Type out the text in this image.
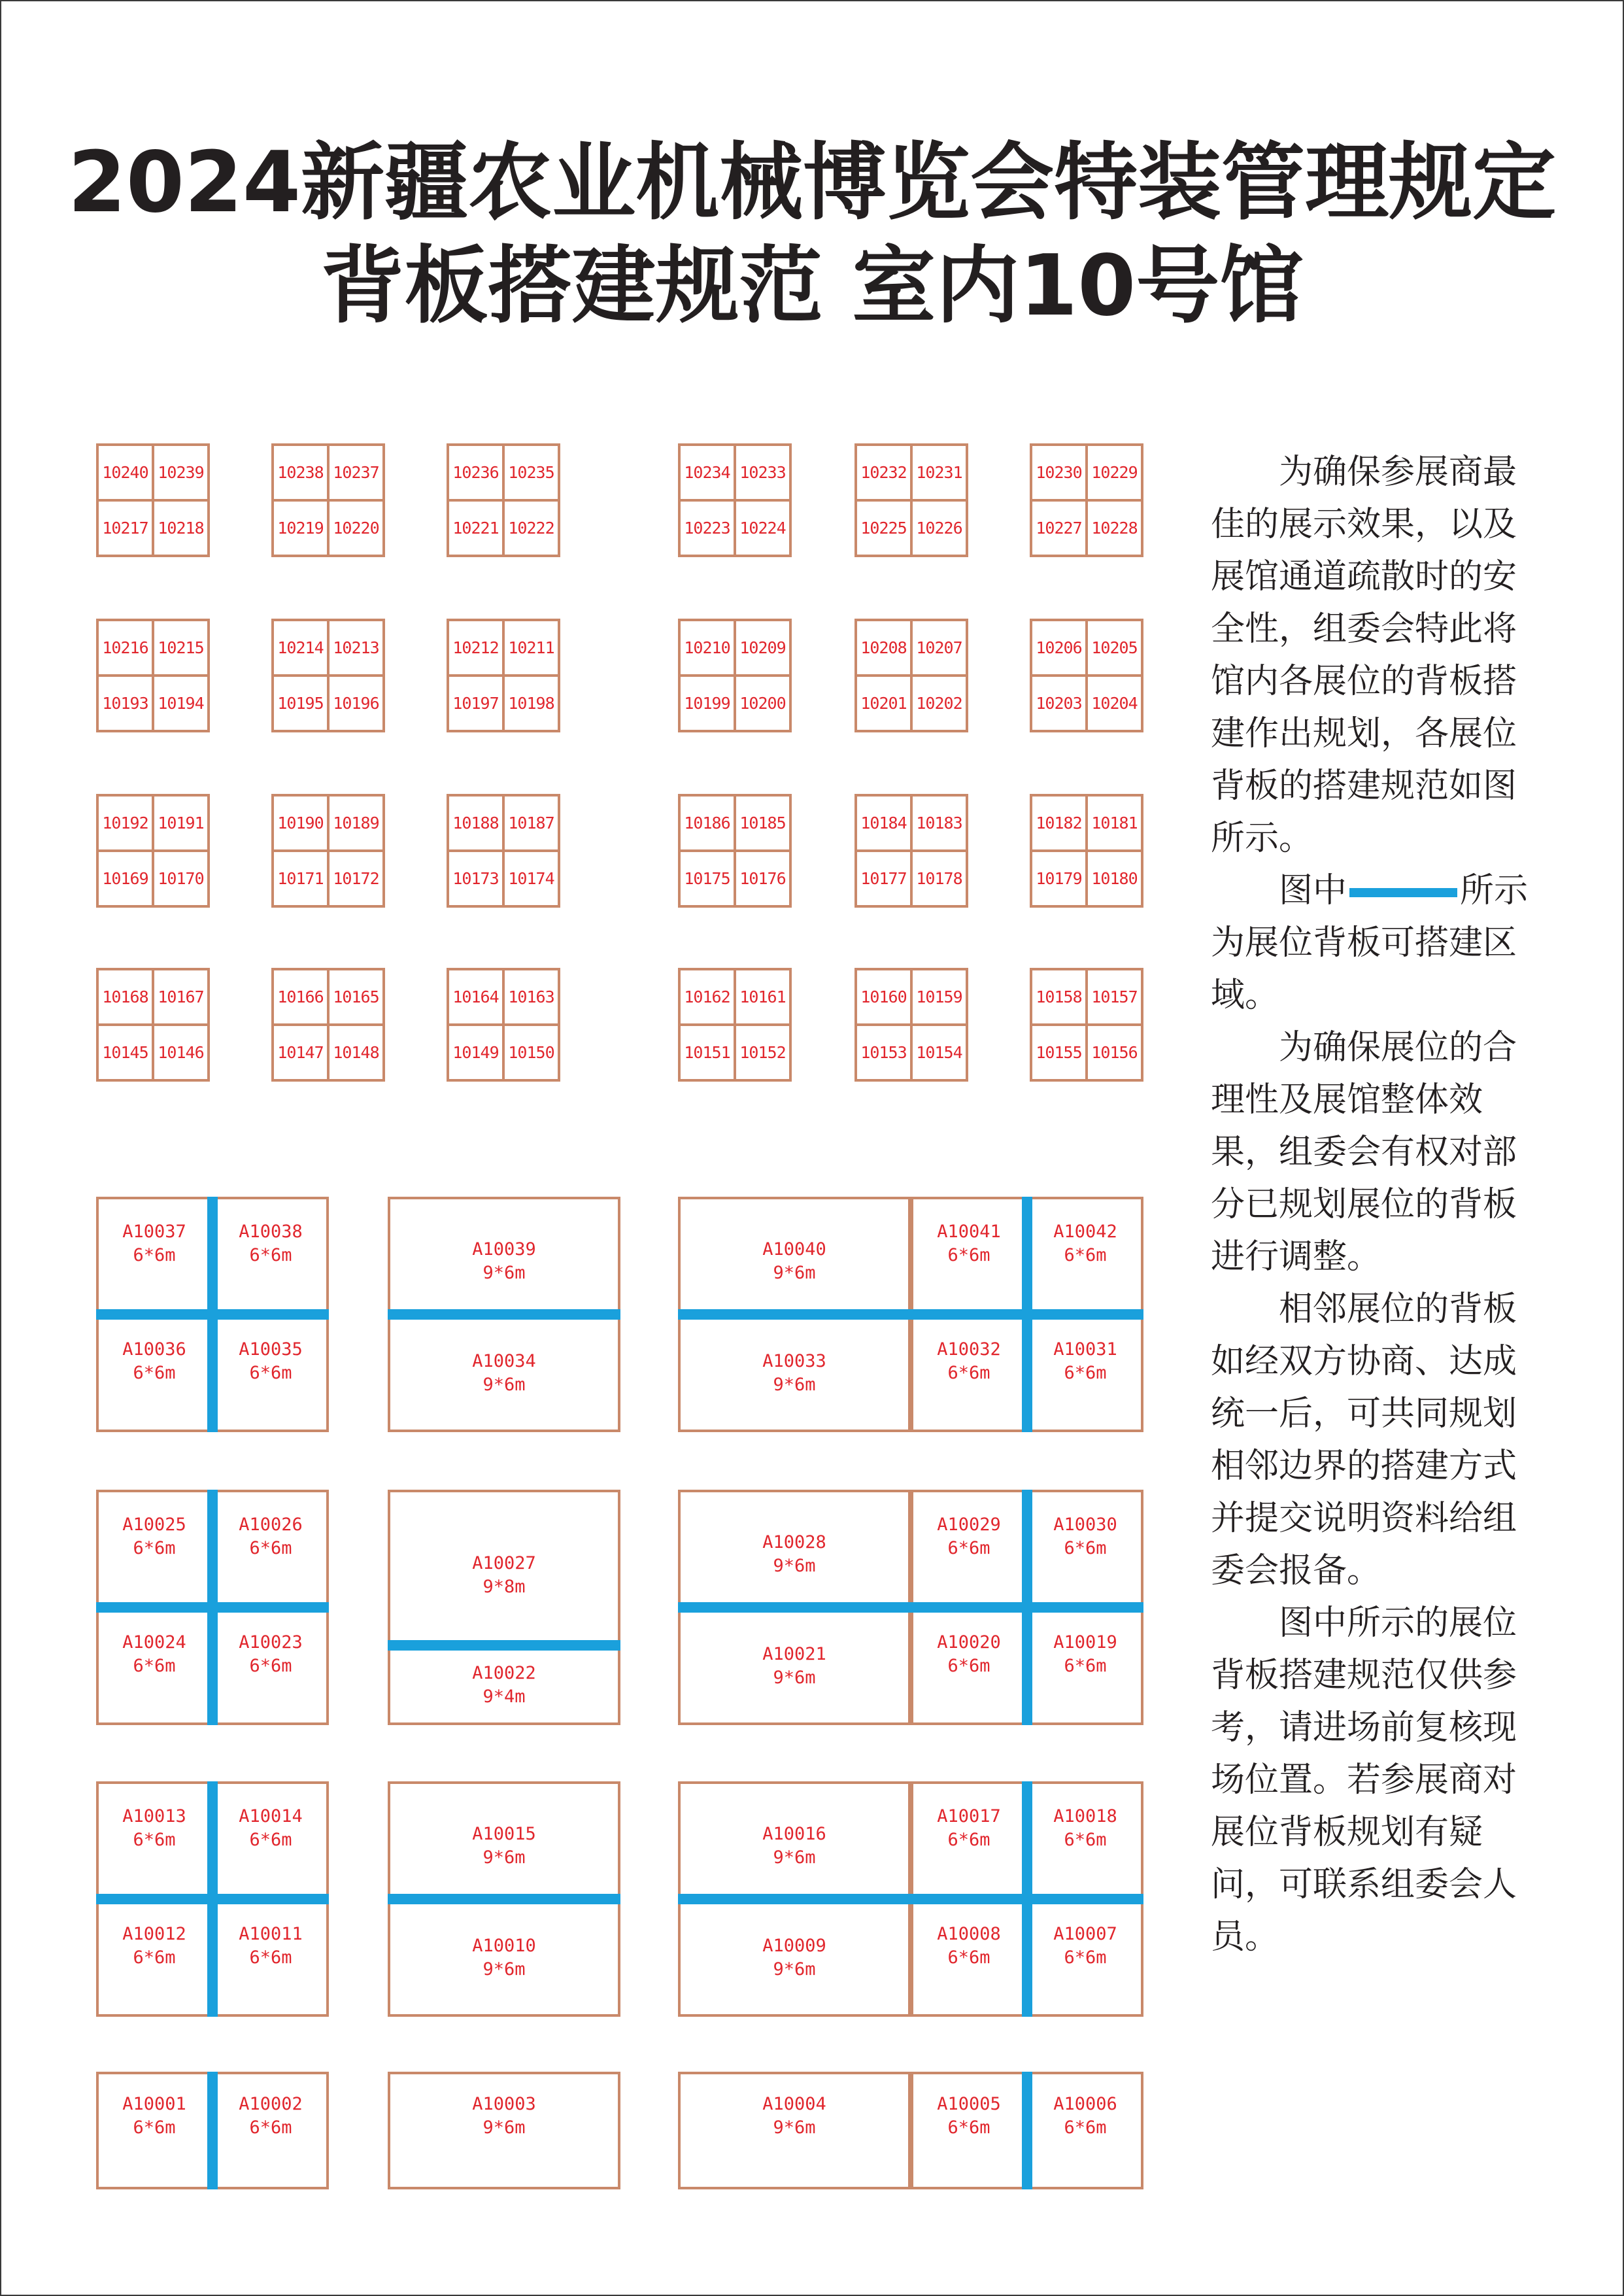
2024新疆农业机械博览会特装管理规定
背板搭建规范 室内10号馆
10240 10239
10217 10218
10238 10237
10219 10220
10236 10235
10221 10222
10234 10233
10223 10224
10232 10231
10225 10226
10230 10229
10227 10228
10216 10215
10193 10194
10214 10213
10195 10196
10212 10211
10197 10198
10210 10209
10199 10200
10208 10207
10201 10202
10206 10205
10203 10204
10192 10191
10169 10170
10190 10189
10171 10172
10188 10187
10173 10174
10186 10185
10175 10176
10184 10183
10177 10178
10182 10181
10179 10180
10168 10167
10145 10146
10166 10165
10147 10148
10164 10163
10149 10150
10162 10161
10151 10152
10160 10159
10153 10154
10158 10157
10155 10156
A10037
6*6m
A10038
6*6m
A10036
6*6m
A10035
6*6m
A10039
9*6m
A10034
9*6m
A10040
9*6m
A10033
9*6m
A10041
6*6m
A10042
6*6m
A10032
6*6m
A10031
6*6m
A10025
6*6m
A10026
6*6m
A10024
6*6m
A10023
6*6m
A10027
9*8m
A10022
9*4m
A10028
9*6m
A10021
9*6m
A10029
6*6m
A10030
6*6m
A10020
6*6m
A10019
6*6m
A10013
6*6m
A10014
6*6m
A10012
6*6m
A10011
6*6m
A10015
9*6m
A10010
9*6m
A10016
9*6m
A10009
9*6m
A10017
6*6m
A10018
6*6m
A10008
6*6m
A10007
6*6m
A10001
6*6m
A10002
6*6m
A10003
9*6m
A10004
9*6m
A10005
6*6m
A10006
6*6m

为确保参展商最佳的展示效果，以及展馆通道疏散时的安全性，组委会特此将馆内各展位的背板搭建作出规划，各展位背板的搭建规范如图所示。

图中	所示为展位背板可搭建区域。

为确保展位的合理性及展馆整体效果，组委会有权对部分已规划展位的背板进行调整。

相邻展位的背板如经双方协商、达成统一后，可共同规划相邻边界的搭建方式并提交说明资料给组委会报备。

图中所示的展位背板搭建规范仅供参考，请进场前复核现场位置。若参展商对展位背板规划有疑问，可联系组委会人员。
